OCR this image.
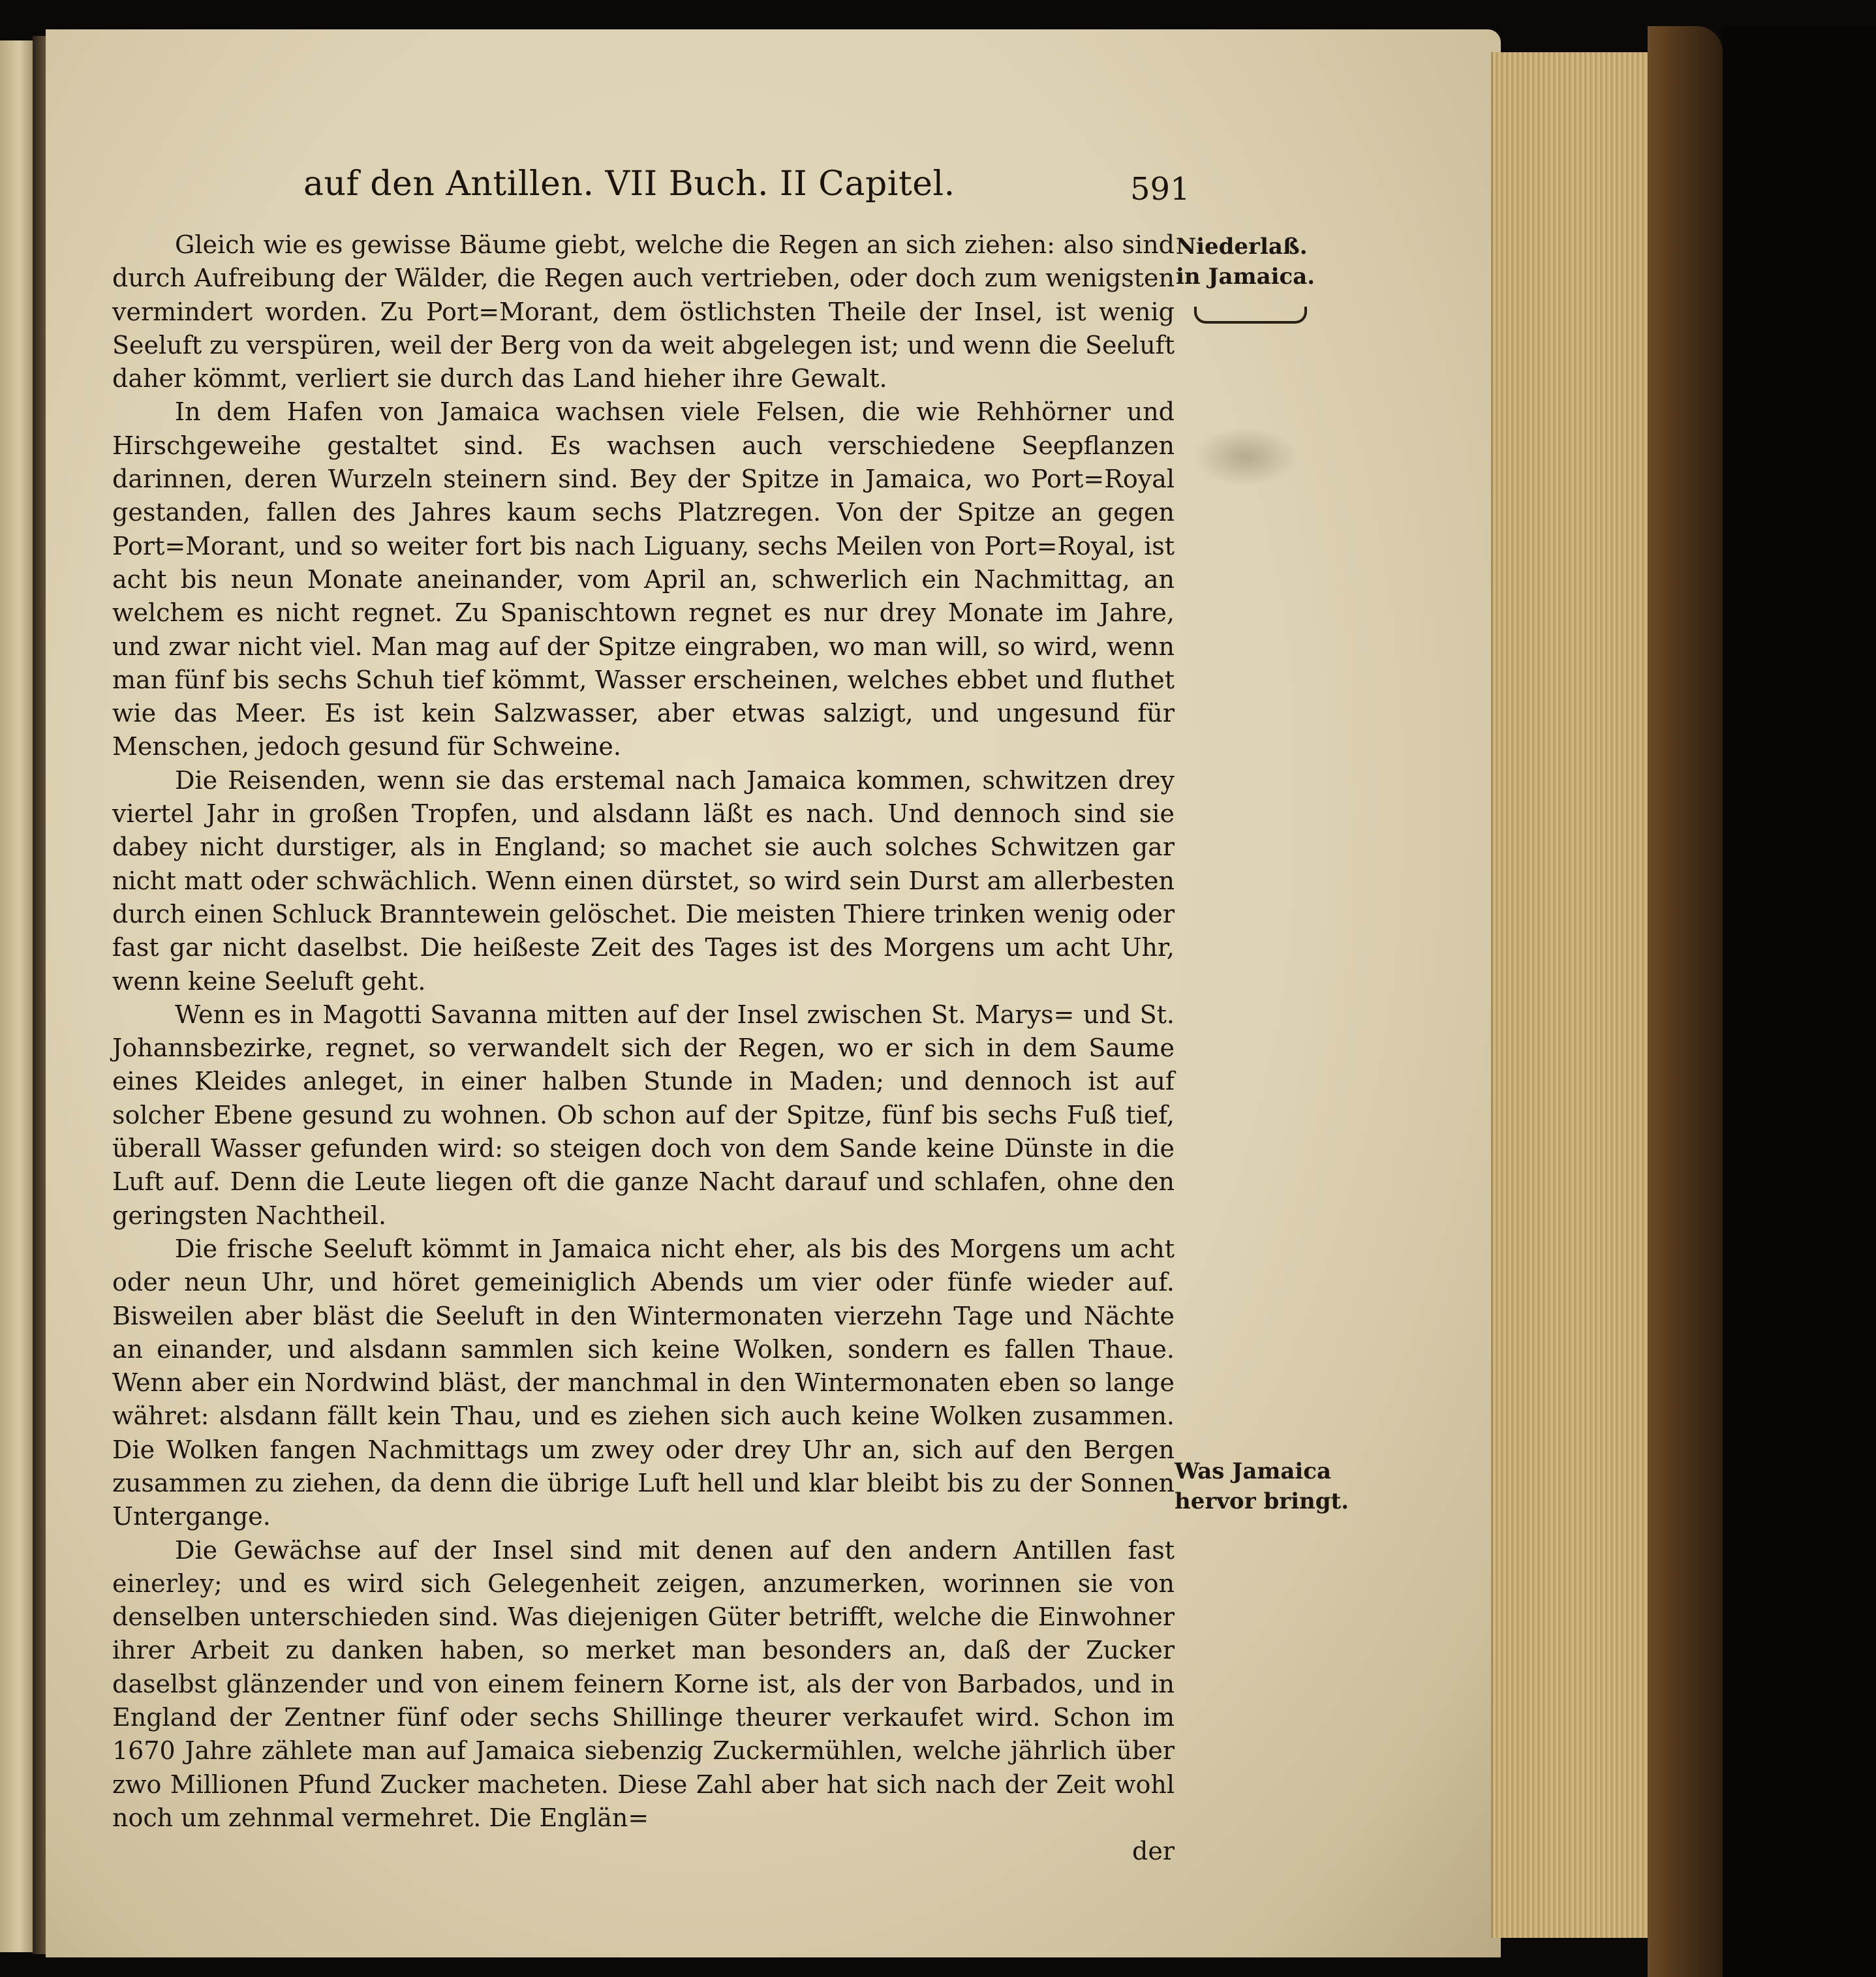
auf den Antillen. VII Buch. II Capitel.	591
Niederlaß.
in Jamaica.
Was Jamaica
hervor bringt.

Gleich wie es gewisse Bäume giebt, welche die Regen an sich ziehen: also sind durch Aufreibung der Wälder, die Regen auch vertrieben, oder doch zum wenigsten vermindert worden. Zu Port=Morant, dem östlichsten Theile der Insel, ist wenig Seeluft zu verspüren, weil der Berg von da weit abgelegen ist; und wenn die Seeluft daher kömmt, verliert sie durch das Land hieher ihre Gewalt.

In dem Hafen von Jamaica wachsen viele Felsen, die wie Rehhörner und Hirschgeweihe gestaltet sind. Es wachsen auch verschiedene Seepflanzen darinnen, deren Wurzeln steinern sind. Bey der Spitze in Jamaica, wo Port=Royal gestanden, fallen des Jahres kaum sechs Platzregen. Von der Spitze an gegen Port=Morant, und so weiter fort bis nach Liguany, sechs Meilen von Port=Royal, ist acht bis neun Monate aneinander, vom April an, schwerlich ein Nachmittag, an welchem es nicht regnet. Zu Spanischtown regnet es nur drey Monate im Jahre, und zwar nicht viel. Man mag auf der Spitze eingraben, wo man will, so wird, wenn man fünf bis sechs Schuh tief kömmt, Wasser erscheinen, welches ebbet und fluthet wie das Meer. Es ist kein Salzwasser, aber etwas salzigt, und ungesund für Menschen, jedoch gesund für Schweine.

Die Reisenden, wenn sie das erstemal nach Jamaica kommen, schwitzen drey viertel Jahr in großen Tropfen, und alsdann läßt es nach. Und dennoch sind sie dabey nicht durstiger, als in England; so machet sie auch solches Schwitzen gar nicht matt oder schwächlich. Wenn einen dürstet, so wird sein Durst am allerbesten durch einen Schluck Branntewein gelöschet. Die meisten Thiere trinken wenig oder fast gar nicht daselbst. Die heißeste Zeit des Tages ist des Morgens um acht Uhr, wenn keine Seeluft geht.

Wenn es in Magotti Savanna mitten auf der Insel zwischen St. Marys= und St. Johannsbezirke, regnet, so verwandelt sich der Regen, wo er sich in dem Saume eines Kleides anleget, in einer halben Stunde in Maden; und dennoch ist auf solcher Ebene gesund zu wohnen. Ob schon auf der Spitze, fünf bis sechs Fuß tief, überall Wasser gefunden wird: so steigen doch von dem Sande keine Dünste in die Luft auf. Denn die Leute liegen oft die ganze Nacht darauf und schlafen, ohne den geringsten Nachtheil.

Die frische Seeluft kömmt in Jamaica nicht eher, als bis des Morgens um acht oder neun Uhr, und höret gemeiniglich Abends um vier oder fünfe wieder auf. Bisweilen aber bläst die Seeluft in den Wintermonaten vierzehn Tage und Nächte an einander, und alsdann sammlen sich keine Wolken, sondern es fallen Thaue. Wenn aber ein Nordwind bläst, der manchmal in den Wintermonaten eben so lange währet: alsdann fällt kein Thau, und es ziehen sich auch keine Wolken zusammen. Die Wolken fangen Nachmittags um zwey oder drey Uhr an, sich auf den Bergen zusammen zu ziehen, da denn die übrige Luft hell und klar bleibt bis zu der Sonnen Untergange.

Die Gewächse auf der Insel sind mit denen auf den andern Antillen fast einerley; und es wird sich Gelegenheit zeigen, anzumerken, worinnen sie von denselben unterschieden sind. Was diejenigen Güter betrifft, welche die Einwohner ihrer Arbeit zu danken haben, so merket man besonders an, daß der Zucker daselbst glänzender und von einem feinern Korne ist, als der von Barbados, und in England der Zentner fünf oder sechs Shillinge theurer verkaufet wird. Schon im 1670 Jahre zählete man auf Jamaica siebenzig Zuckermühlen, welche jährlich über zwo Millionen Pfund Zucker macheten. Diese Zahl aber hat sich nach der Zeit wohl noch um zehnmal vermehret. Die Englän=

der
